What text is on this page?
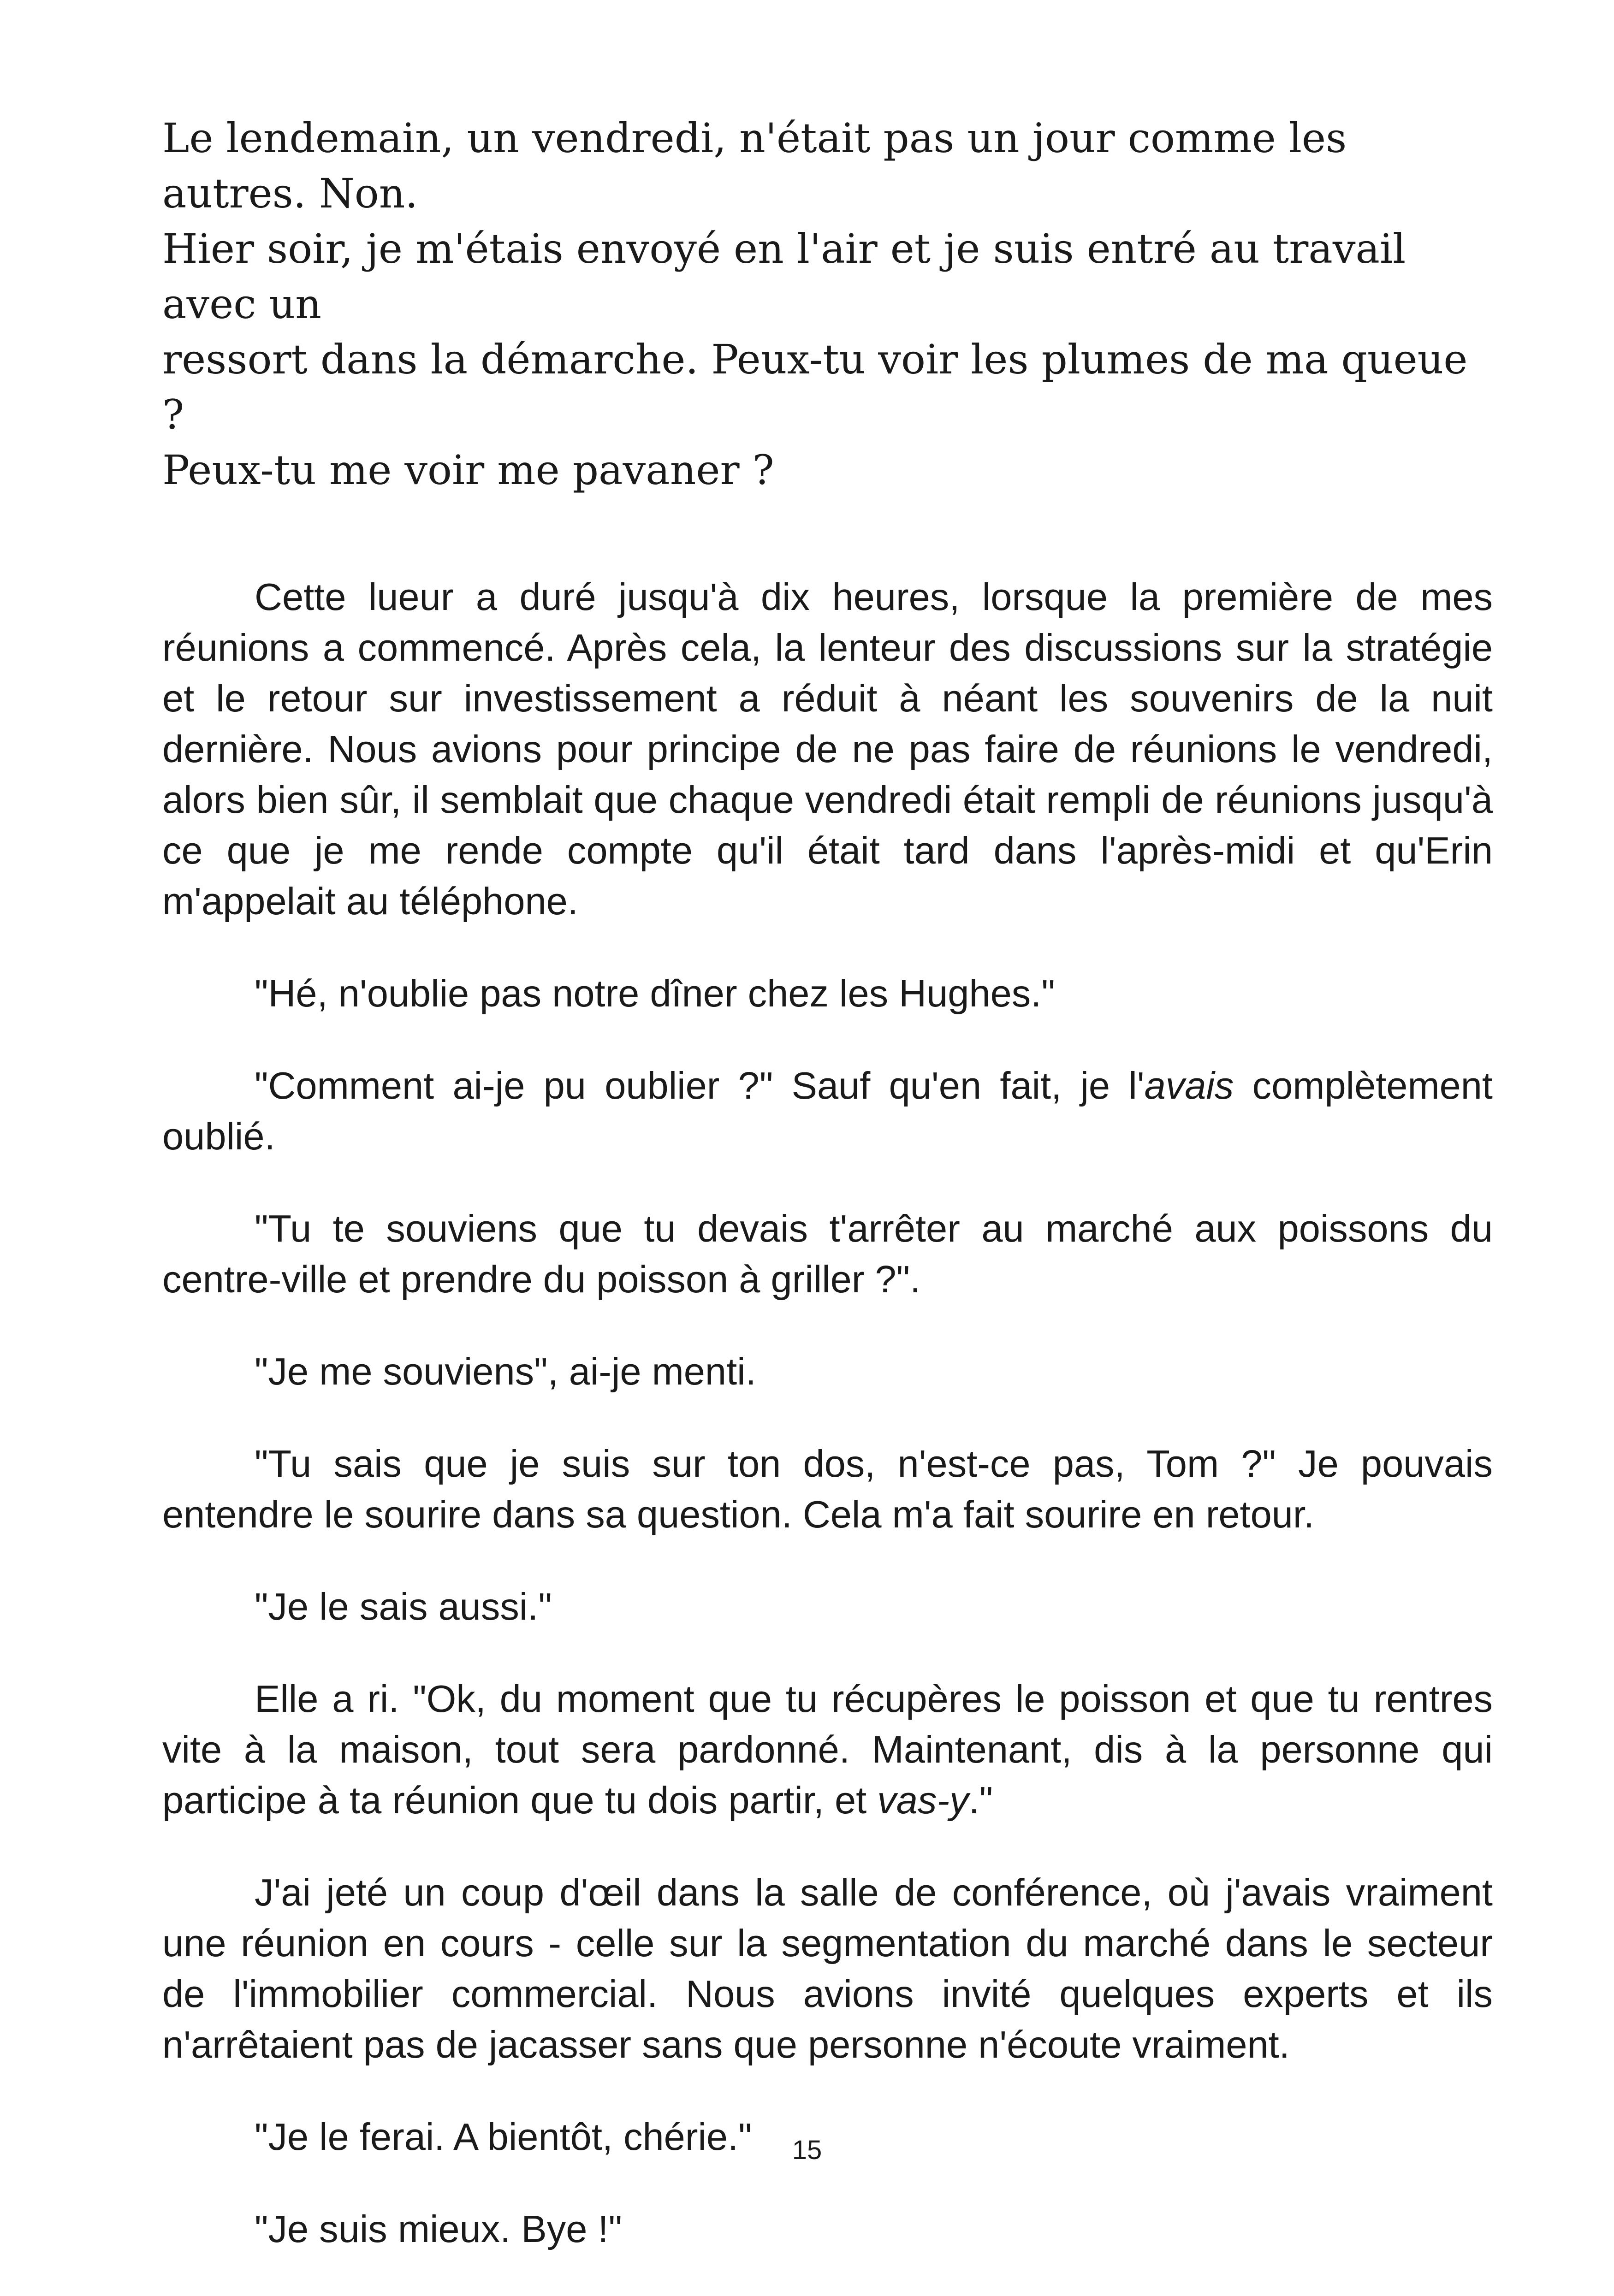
Le lendemain, un vendredi, n'était pas un jour comme les autres. Non.

Hier soir, je m'étais envoyé en l'air et je suis entré au travail avec un

ressort dans la démarche. Peux-tu voir les plumes de ma queue ?

Peux-tu me voir me pavaner ?

Cette lueur a duré jusqu'à dix heures, lorsque la première de mes réunions a commencé. Après cela, la lenteur des discussions sur la stratégie et le retour sur investissement a réduit à néant les souvenirs de la nuit dernière. Nous avions pour principe de ne pas faire de réunions le vendredi, alors bien sûr, il semblait que chaque vendredi était rempli de réunions jusqu'à ce que je me rende compte qu'il était tard dans l'après-midi et qu'Erin m'appelait au téléphone.

"Hé, n'oublie pas notre dîner chez les Hughes."

"Comment ai-je pu oublier ?" Sauf qu'en fait, je l'avais complètement oublié.

"Tu te souviens que tu devais t'arrêter au marché aux poissons du centre-ville et prendre du poisson à griller ?".

"Je me souviens", ai-je menti.

"Tu sais que je suis sur ton dos, n'est-ce pas, Tom ?" Je pouvais entendre le sourire dans sa question. Cela m'a fait sourire en retour.

"Je le sais aussi."

Elle a ri. "Ok, du moment que tu récupères le poisson et que tu rentres vite à la maison, tout sera pardonné. Maintenant, dis à la personne qui participe à ta réunion que tu dois partir, et vas-y."

J'ai jeté un coup d'œil dans la salle de conférence, où j'avais vraiment une réunion en cours - celle sur la segmentation du marché dans le secteur de l'immobilier commercial. Nous avions invité quelques experts et ils n'arrêtaient pas de jacasser sans que personne n'écoute vraiment.

"Je le ferai. A bientôt, chérie."

"Je suis mieux. Bye !"

15
